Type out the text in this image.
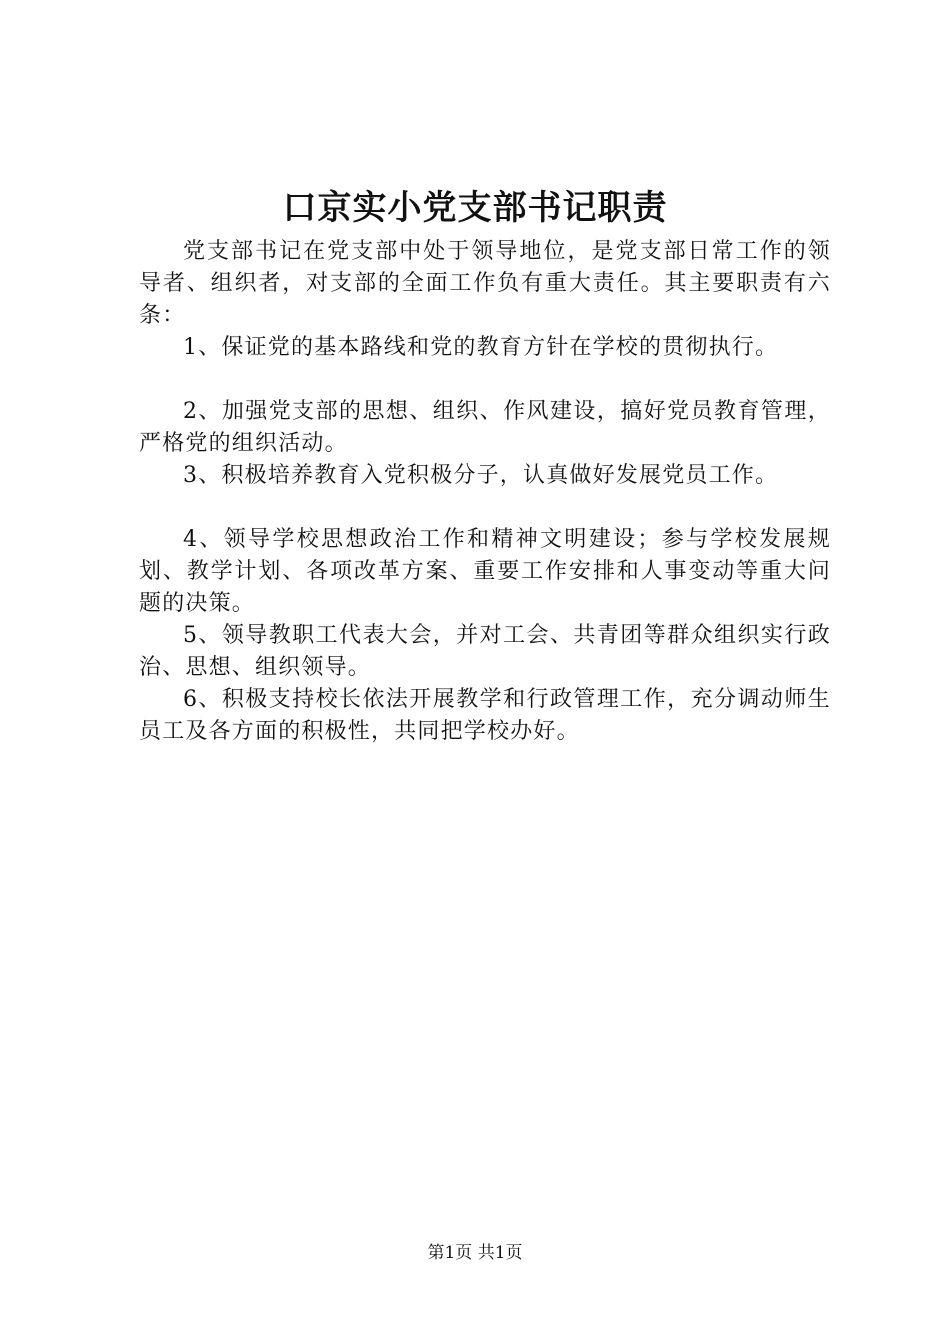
口京实小党支部书记职责

党支部书记在党支部中处于领导地位，是党支部日常工作的领导者、组织者，对支部的全面工作负有重大责任。其主要职责有六条：

1、保证党的基本路线和党的教育方针在学校的贯彻执行。

2、加强党支部的思想、组织、作风建设，搞好党员教育管理，严格党的组织活动。

3、积极培养教育入党积极分子，认真做好发展党员工作。

4、领导学校思想政治工作和精神文明建设；参与学校发展规划、教学计划、各项改革方案、重要工作安排和人事变动等重大问题的决策。

5、领导教职工代表大会，并对工会、共青团等群众组织实行政治、思想、组织领导。

6、积极支持校长依法开展教学和行政管理工作，充分调动师生员工及各方面的积极性，共同把学校办好。

第1页 共1页
